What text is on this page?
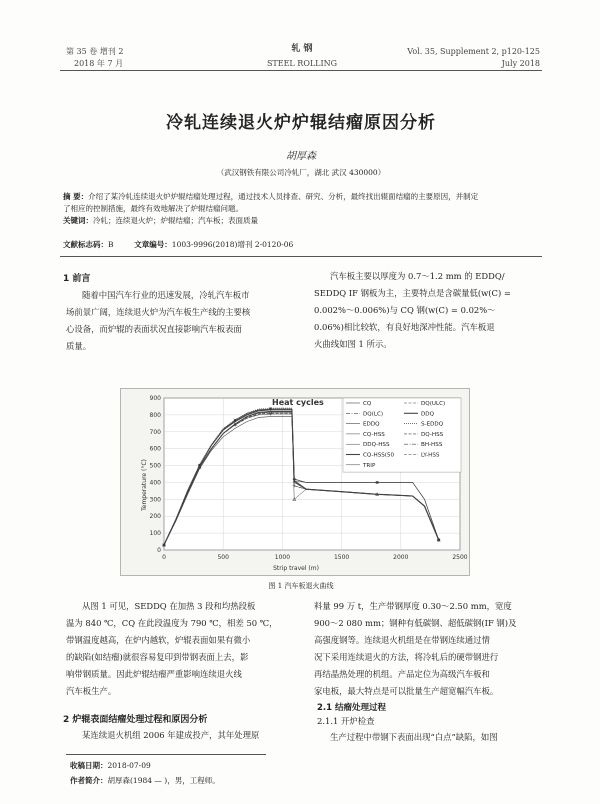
第 35 卷 增刊 2
2018 年 7 月
轧 钢
STEEL ROLLING
Vol. 35, Supplement 2, p120-125
July 2018
冷轧连续退火炉炉辊结瘤原因分析
胡厚森
（武汉钢铁有限公司冷轧厂，湖北 武汉 430000）
摘 要：介绍了某冷轧连续退火炉炉辊结瘤处理过程，通过技术人员排查、研究、分析，最终找出辊面结瘤的主要原因，并制定
了相应的控制措施，最终有效地解决了炉辊结瘤问题。
关键词：冷轧；连续退火炉；炉辊结瘤；汽车板；表面质量
文献标志码：B	文章编号：1003-9996(2018)增刊 2-0120-06
1 前言
随着中国汽车行业的迅速发展，冷轧汽车板市
场前景广阔，连续退火炉为汽车板生产线的主要核
心设备，而炉辊的表面状况直接影响汽车板表面
质量。
汽车板主要以厚度为 0.7～1.2 mm 的 EDDQ/
SEDDQ IF 钢板为主，主要特点是含碳量低(w(C) =
0.002%～0.006%)与 CQ 钢(w(C) = 0.02%～
0.06%)相比较软，有良好地深冲性能。汽车板退
火曲线如图 1 所示。
0
100
200
300
400
500
600
700
800
900
0	500	1000	1500	2000	2500
CQ	DQ(ULC)
DQ(LC)	DDQ
EDDQ	S-EDDQ
CQ-HSS	DQ-HSS
DDQ-HSS	BH-HSS
CQ-HSS(50	LY-HSS
TRIP
Heat cycles
Strip travel (m)
Temperature (°C)
图 1 汽车板退火曲线
从图 1 可见，SEDDQ 在加热 3 段和均热段板
温为 840 ℃，CQ 在此段温度为 790 ℃，相差 50 ℃，
带钢温度越高，在炉内越软，炉辊表面如果有微小
的缺陷(如结瘤)就很容易复印到带钢表面上去，影
响带钢质量。因此炉辊结瘤严重影响连续退火线
汽车板生产。
2 炉辊表面结瘤处理过程和原因分析
某连续退火机组 2006 年建成投产，其年处理原
料量 99 万 t，生产带钢厚度 0.30～2.50 mm，宽度
900～2 080 mm；钢种有低碳钢、超低碳钢(IF 钢)及
高强度钢等。连续退火机组是在带钢连续通过情
况下采用连续退火的方法，将冷轧后的硬带钢进行
再结晶热处理的机组。产品定位为高级汽车板和
家电板，最大特点是可以批量生产超宽幅汽车板。
2.1 结瘤处理过程
2.1.1 开炉检查
生产过程中带钢下表面出现“白点”缺陷，如图
收稿日期：2018-07-09
作者简介：胡厚森(1984 — )，男，工程师。
